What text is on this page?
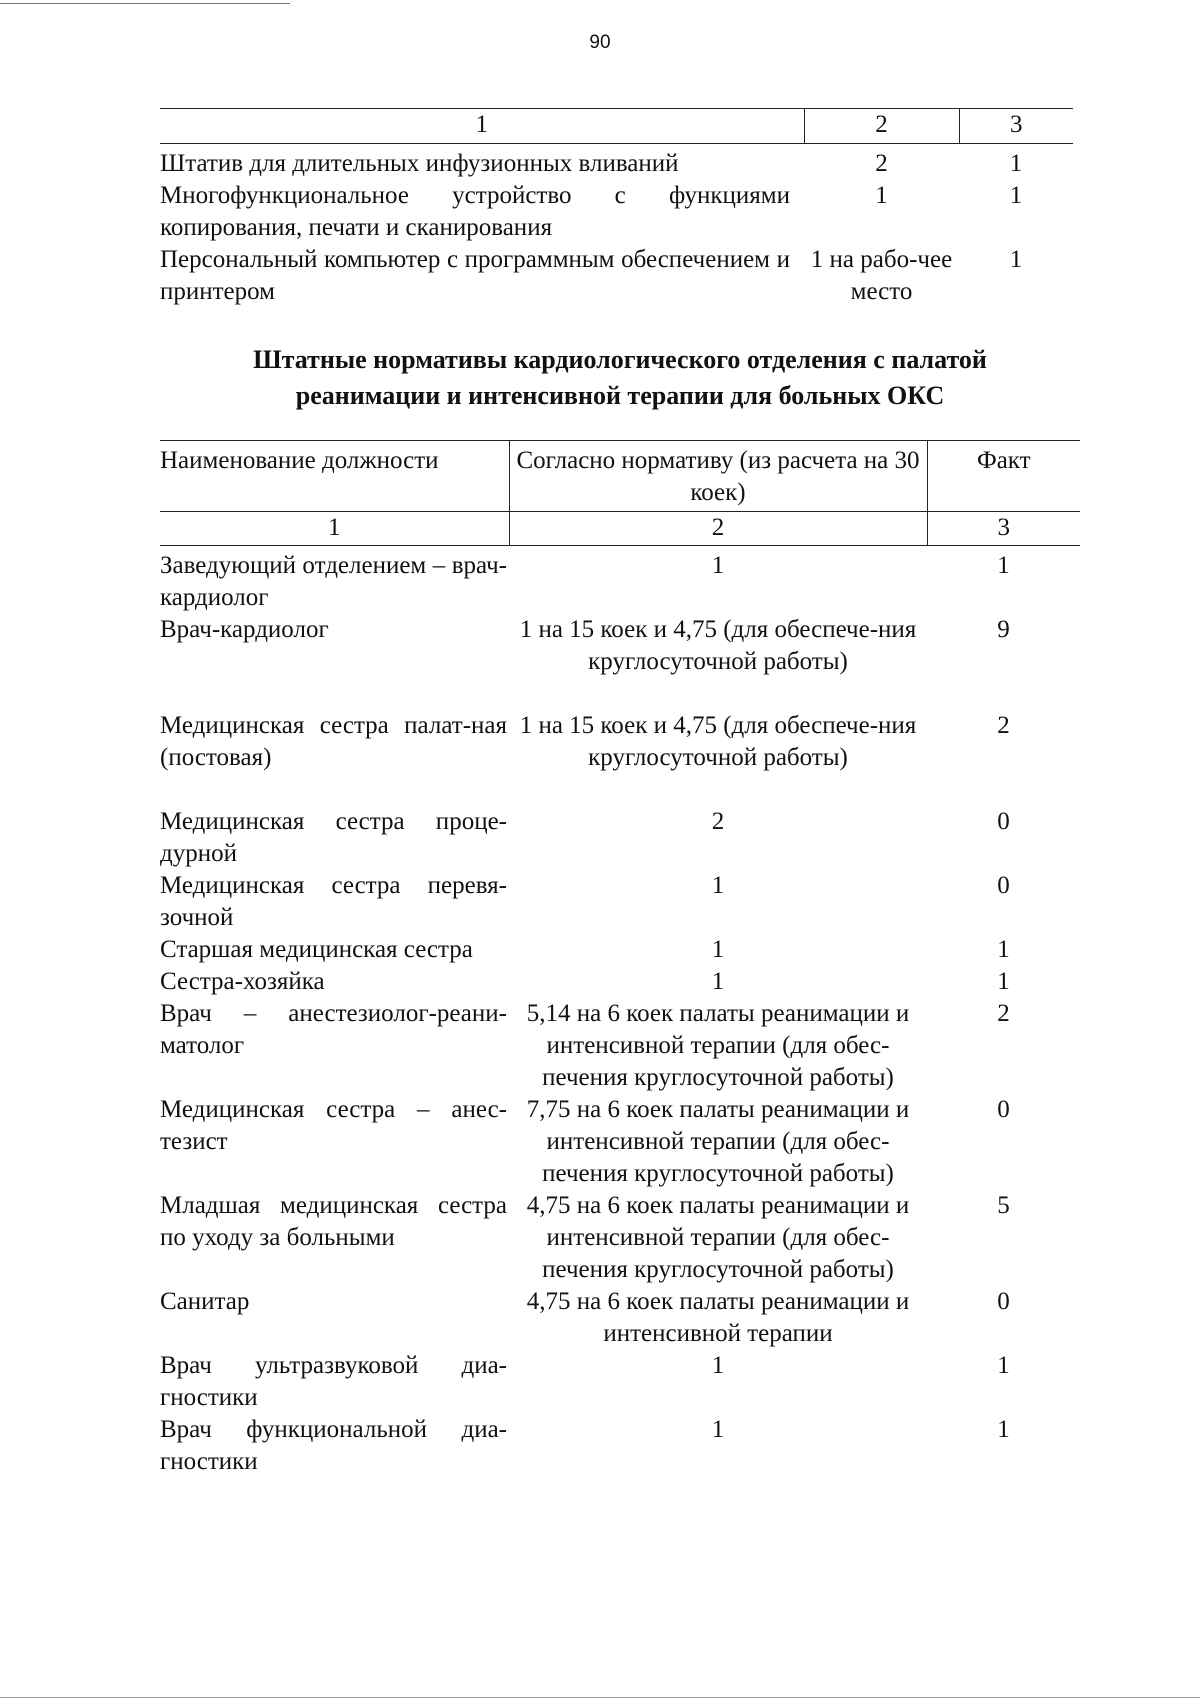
90
1	2	3
Штатив для длительных инфузионных вливаний	2	1
Многофункциональное устройство с функциями копирования, печати и сканирования	1	1
Персональный компьютер с программным обеспечением и принтером	1 на рабо-чее место	1
Штатные нормативы кардиологического отделения с палатой
реанимации и интенсивной терапии для больных ОКС
Наименование должности	Согласно нормативу (из расчета на 30 коек)	Факт
1	2	3
Заведующий отделением – врач-кардиолог	1	1
Врач-кардиолог	1 на 15 коек и 4,75 (для обеспече-ния круглосуточной работы)	9
Медицинская сестра палат-ная (постовая)	1 на 15 коек и 4,75 (для обеспече-ния круглосуточной работы)	2
Медицинская сестра проце-дурной	2	0
Медицинская сестра перевя-зочной	1	0
Старшая медицинская сестра	1	1
Сестра-хозяйка	1	1
Врач – анестезиолог-реани-матолог	5,14 на 6 коек палаты реанимации и интенсивной терапии (для обес-печения круглосуточной работы)	2
Медицинская сестра – анес-тезист	7,75 на 6 коек палаты реанимации и интенсивной терапии (для обес-печения круглосуточной работы)	0
Младшая медицинская сестра по уходу за больными	4,75 на 6 коек палаты реанимации и интенсивной терапии (для обес-печения круглосуточной работы)	5
Санитар	4,75 на 6 коек палаты реанимации и интенсивной терапии	0
Врач ультразвуковой диа-гностики	1	1
Врач функциональной диа-гностики	1	1
